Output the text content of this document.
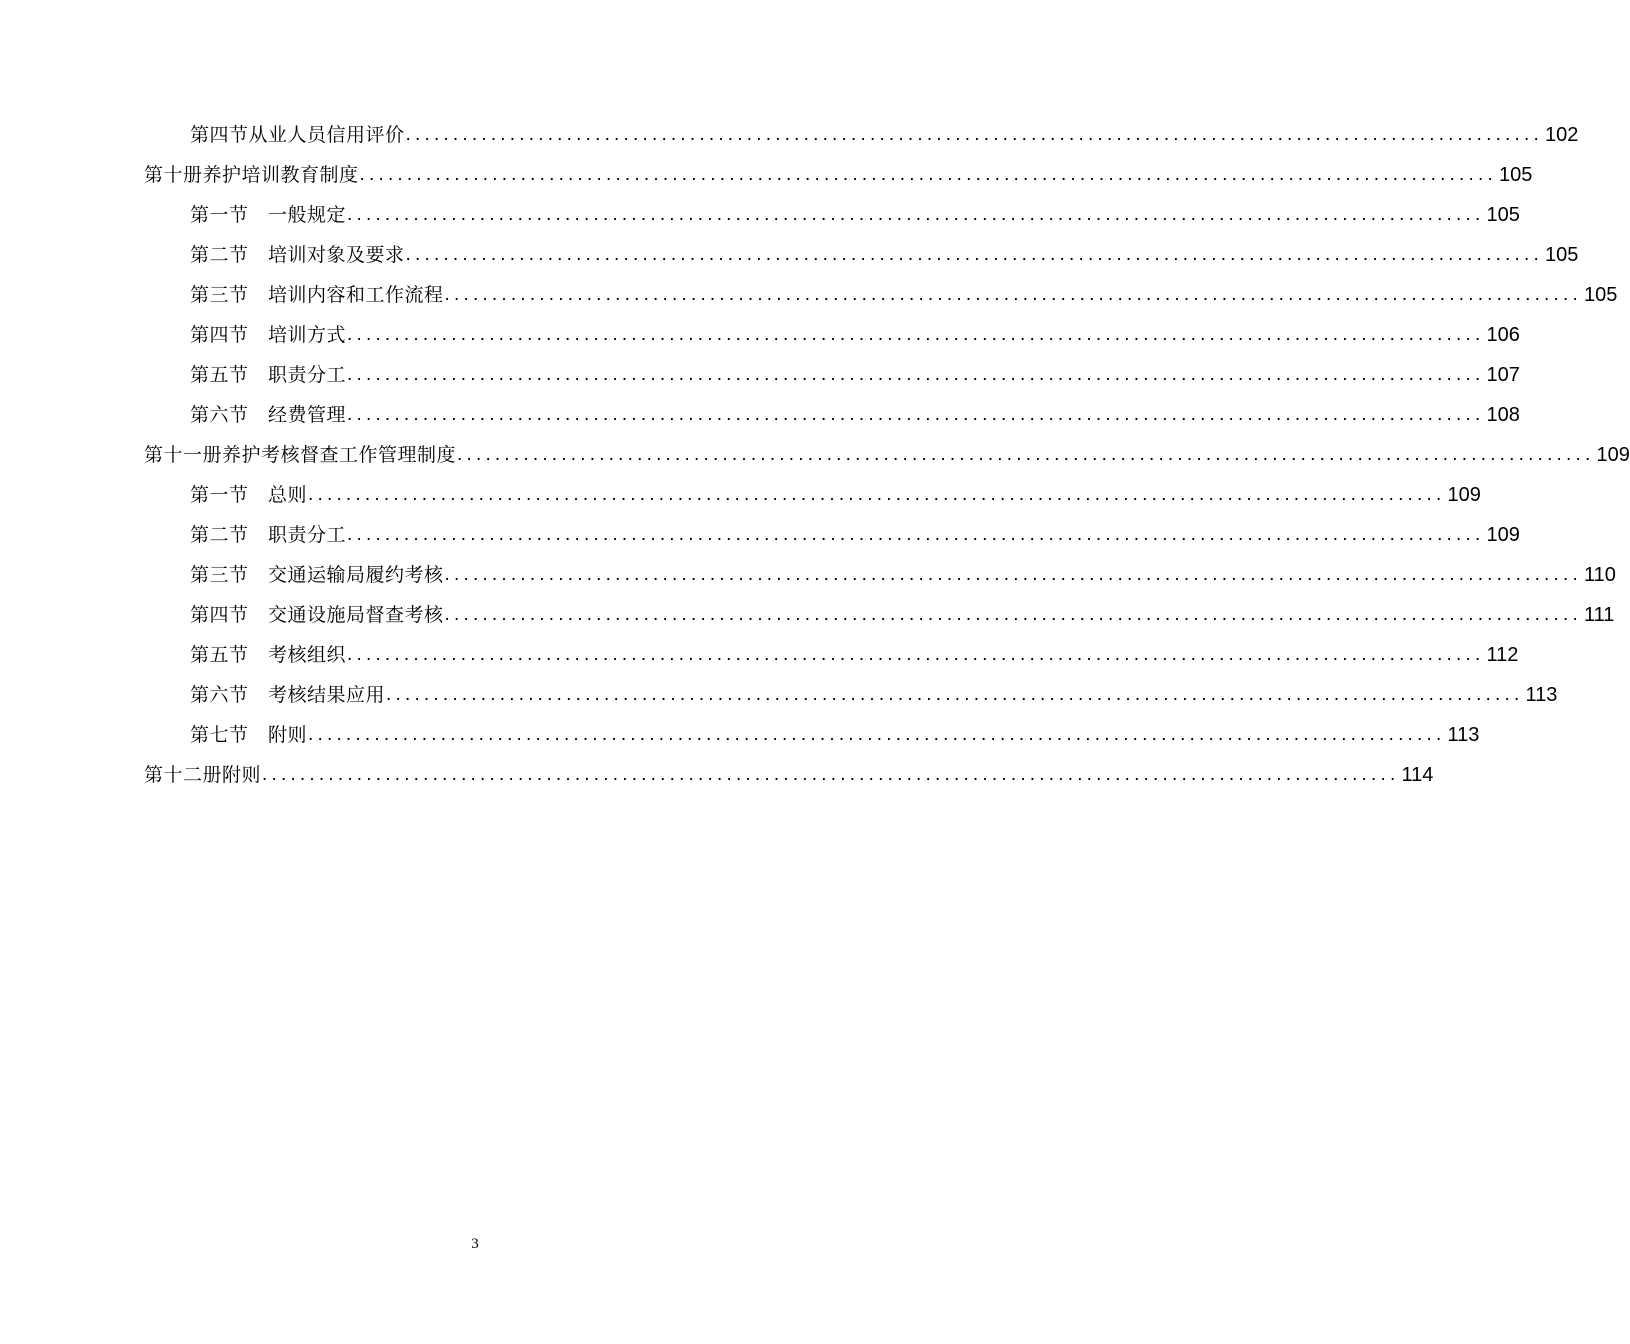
第四节从业人员信用评价 ........................................................................................................................ 102
第十册养护培训教育制度 ........................................................................................................................ 105
第一节 一般规定 ........................................................................................................................ 105
第二节 培训对象及要求 ........................................................................................................................ 105
第三节 培训内容和工作流程 ........................................................................................................................ 105
第四节 培训方式 ........................................................................................................................ 106
第五节 职责分工 ........................................................................................................................ 107
第六节 经费管理 ........................................................................................................................ 108
第十一册养护考核督查工作管理制度 ........................................................................................................................ 109
第一节 总则 ........................................................................................................................ 109
第二节 职责分工 ........................................................................................................................ 109
第三节 交通运输局履约考核 ........................................................................................................................ 110
第四节 交通设施局督查考核 ........................................................................................................................ 111
第五节 考核组织 ........................................................................................................................ 112
第六节 考核结果应用 ........................................................................................................................ 113
第七节 附则 ........................................................................................................................ 113
第十二册附则 ........................................................................................................................ 114
3
